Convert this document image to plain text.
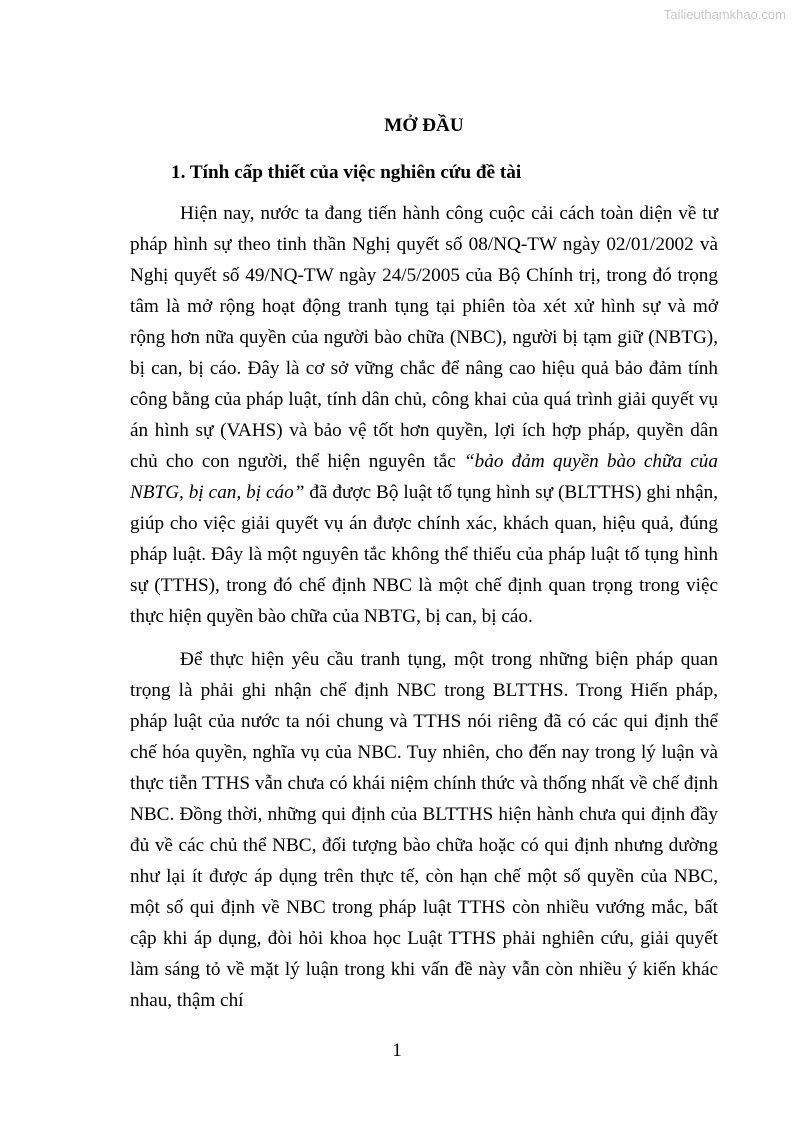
Tailieuthamkhao.com
MỞ ĐẦU

1. Tính cấp thiết của việc nghiên cứu đề tài

Hiện nay, nước ta đang tiến hành công cuộc cải cách toàn diện về tư pháp hình sự theo tinh thần Nghị quyết số 08/NQ-TW ngày 02/01/2002 và Nghị quyết số 49/NQ-TW ngày 24/5/2005 của Bộ Chính trị, trong đó trọng tâm là mở rộng hoạt động tranh tụng tại phiên tòa xét xử hình sự và mở rộng hơn nữa quyền của người bào chữa (NBC), người bị tạm giữ (NBTG), bị can, bị cáo. Đây là cơ sở vững chắc để nâng cao hiệu quả bảo đảm tính công bằng của pháp luật, tính dân chủ, công khai của quá trình giải quyết vụ án hình sự (VAHS) và bảo vệ tốt hơn quyền, lợi ích hợp pháp, quyền dân chủ cho con người, thể hiện nguyên tắc “bảo đảm quyền bào chữa của NBTG, bị can, bị cáo” đã được Bộ luật tố tụng hình sự (BLTTHS) ghi nhận, giúp cho việc giải quyết vụ án được chính xác, khách quan, hiệu quả, đúng pháp luật. Đây là một nguyên tắc không thể thiếu của pháp luật tố tụng hình sự (TTHS), trong đó chế định NBC là một chế định quan trọng trong việc thực hiện quyền bào chữa của NBTG, bị can, bị cáo.

Để thực hiện yêu cầu tranh tụng, một trong những biện pháp quan trọng là phải ghi nhận chế định NBC trong BLTTHS. Trong Hiến pháp, pháp luật của nước ta nói chung và TTHS nói riêng đã có các qui định thể chế hóa quyền, nghĩa vụ của NBC. Tuy nhiên, cho đến nay trong lý luận và thực tiễn TTHS vẫn chưa có khái niệm chính thức và thống nhất về chế định NBC. Đồng thời, những qui định của BLTTHS hiện hành chưa qui định đầy đủ về các chủ thể NBC, đối tượng bào chữa hoặc có qui định nhưng dường như lại ít được áp dụng trên thực tế, còn hạn chế một số quyền của NBC, một số qui định về NBC trong pháp luật TTHS còn nhiều vướng mắc, bất cập khi áp dụng, đòi hỏi khoa học Luật TTHS phải nghiên cứu, giải quyết làm sáng tỏ về mặt lý luận trong khi vấn đề này vẫn còn nhiều ý kiến khác nhau, thậm chí

1
